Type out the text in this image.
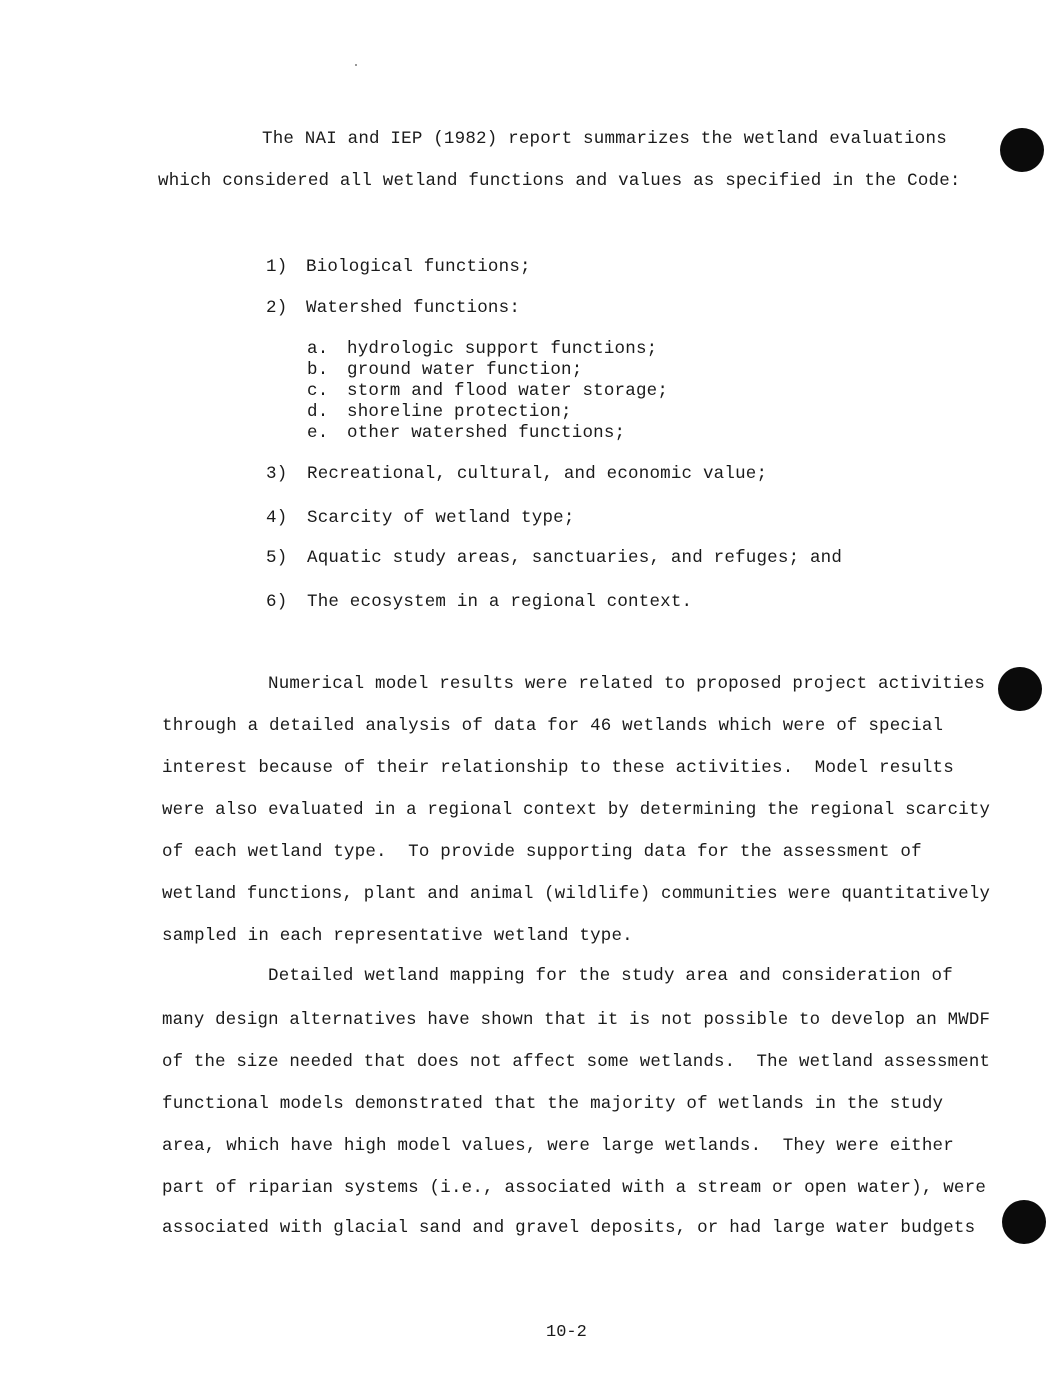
The NAI and IEP (1982) report summarizes the wetland evaluations
which considered all wetland functions and values as specified in the Code:
1) Biological functions;
2) Watershed functions:
a. hydrologic support functions;
b. ground water function;
c. storm and flood water storage;
d. shoreline protection;
e. other watershed functions;
3) Recreational, cultural, and economic value;
4) Scarcity of wetland type;
5) Aquatic study areas, sanctuaries, and refuges; and
6) The ecosystem in a regional context.
Numerical model results were related to proposed project activities
through a detailed analysis of data for 46 wetlands which were of special
interest because of their relationship to these activities.  Model results
were also evaluated in a regional context by determining the regional scarcity
of each wetland type.  To provide supporting data for the assessment of
wetland functions, plant and animal (wildlife) communities were quantitatively
sampled in each representative wetland type.
Detailed wetland mapping for the study area and consideration of
many design alternatives have shown that it is not possible to develop an MWDF
of the size needed that does not affect some wetlands.  The wetland assessment
functional models demonstrated that the majority of wetlands in the study
area, which have high model values, were large wetlands.  They were either
part of riparian systems (i.e., associated with a stream or open water), were
associated with glacial sand and gravel deposits, or had large water budgets
10-2
